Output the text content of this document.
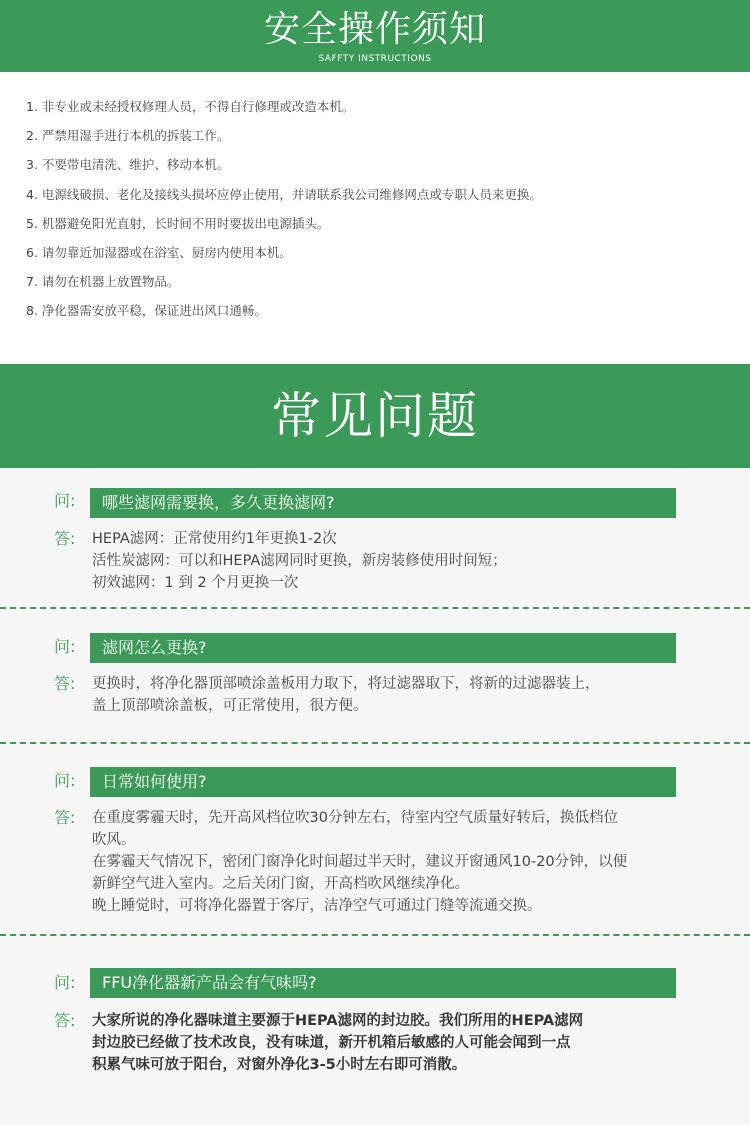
安全操作须知
SAFFTY INSTRUCTIONS
1. 非专业或未经授权修理人员，不得自行修理或改造本机。
2. 严禁用湿手进行本机的拆装工作。
3. 不要带电清洗、维护、移动本机。
4. 电源线破损、老化及接线头损坏应停止使用，并请联系我公司维修网点或专职人员来更换。
5. 机器避免阳光直射，长时间不用时要拔出电源插头。
6. 请勿靠近加湿器或在浴室、厨房内使用本机。
7. 请勿在机器上放置物品。
8. 净化器需安放平稳，保证进出风口通畅。
常见问题
问:	哪些滤网需要换，多久更换滤网?
答: HEPA滤网：正常使用约1年更换1-2次
活性炭滤网：可以和HEPA滤网同时更换，新房装修使用时间短；
初效滤网：1 到 2 个月更换一次
问:	滤网怎么更换?
答: 更换时，将净化器顶部喷涂盖板用力取下，将过滤器取下，将新的过滤器装上，
盖上顶部喷涂盖板，可正常使用，很方便。
问:	日常如何使用?
答: 在重度雾霾天时，先开高风档位吹30分钟左右，待室内空气质量好转后，换低档位
吹风。
在雾霾天气情况下，密闭门窗净化时间超过半天时，建议开窗通风10-20分钟，以便
新鲜空气进入室内。之后关闭门窗，开高档吹风继续净化。
晚上睡觉时，可将净化器置于客厅，洁净空气可通过门缝等流通交换。
问:	FFU净化器新产品会有气味吗?
答: 大家所说的净化器味道主要源于HEPA滤网的封边胶。我们所用的HEPA滤网
封边胶已经做了技术改良，没有味道，新开机箱后敏感的人可能会闻到一点
积累气味可放于阳台，对窗外净化3-5小时左右即可消散。
